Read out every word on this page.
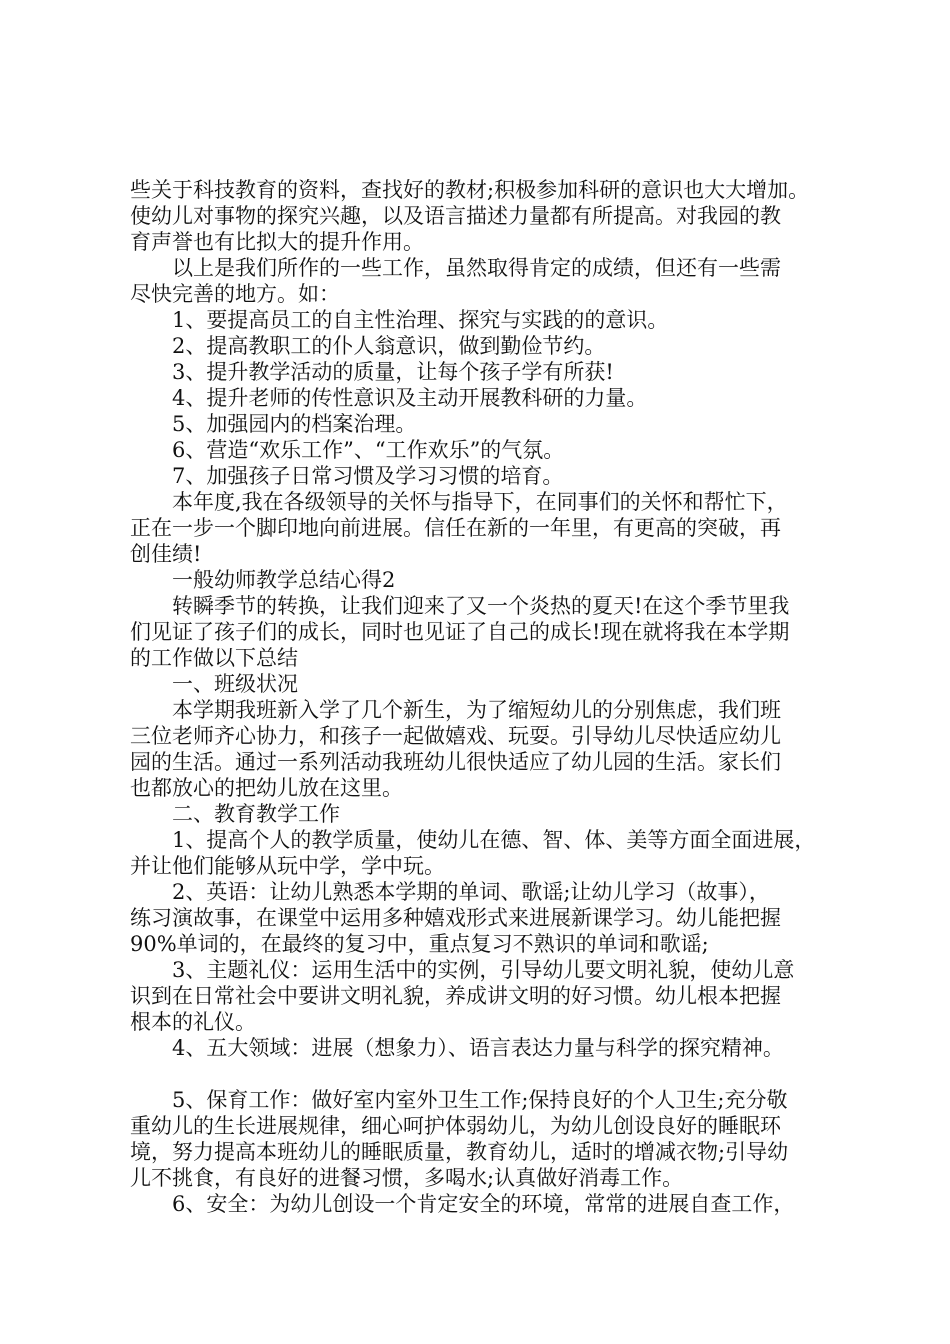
些关于科技教育的资料，查找好的教材;积极参加科研的意识也大大增加。
使幼儿对事物的探究兴趣，以及语言描述力量都有所提高。对我园的教
育声誉也有比拟大的提升作用。
以上是我们所作的一些工作，虽然取得肯定的成绩，但还有一些需
尽快完善的地方。如：
1、要提高员工的自主性治理、探究与实践的的意识。
2、提高教职工的仆人翁意识，做到勤俭节约。
3、提升教学活动的质量，让每个孩子学有所获!
4、提升老师的传性意识及主动开展教科研的力量。
5、加强园内的档案治理。
6、营造“欢乐工作”、“工作欢乐”的气氛。
7、加强孩子日常习惯及学习习惯的培育。
本年度,我在各级领导的关怀与指导下，在同事们的关怀和帮忙下，
正在一步一个脚印地向前进展。信任在新的一年里，有更高的突破，再
创佳绩!
一般幼师教学总结心得2
转瞬季节的转换，让我们迎来了又一个炎热的夏天!在这个季节里我
们见证了孩子们的成长，同时也见证了自己的成长!现在就将我在本学期
的工作做以下总结
一、班级状况
本学期我班新入学了几个新生，为了缩短幼儿的分别焦虑，我们班
三位老师齐心协力，和孩子一起做嬉戏、玩耍。引导幼儿尽快适应幼儿
园的生活。通过一系列活动我班幼儿很快适应了幼儿园的生活。家长们
也都放心的把幼儿放在这里。
二、教育教学工作
1、提高个人的教学质量，使幼儿在德、智、体、美等方面全面进展，
并让他们能够从玩中学，学中玩。
2、英语：让幼儿熟悉本学期的单词、歌谣;让幼儿学习（故事），
练习演故事，在课堂中运用多种嬉戏形式来进展新课学习。幼儿能把握
90%单词的，在最终的复习中，重点复习不熟识的单词和歌谣;
3、主题礼仪：运用生活中的实例，引导幼儿要文明礼貌，使幼儿意
识到在日常社会中要讲文明礼貌，养成讲文明的好习惯。幼儿根本把握
根本的礼仪。
4、五大领域：进展（想象力）、语言表达力量与科学的探究精神。
5、保育工作：做好室内室外卫生工作;保持良好的个人卫生;充分敬
重幼儿的生长进展规律，细心呵护体弱幼儿，为幼儿创设良好的睡眠环
境，努力提高本班幼儿的睡眠质量，教育幼儿，适时的增减衣物;引导幼
儿不挑食，有良好的进餐习惯，多喝水;认真做好消毒工作。
6、安全：为幼儿创设一个肯定安全的环境，常常的进展自查工作，
